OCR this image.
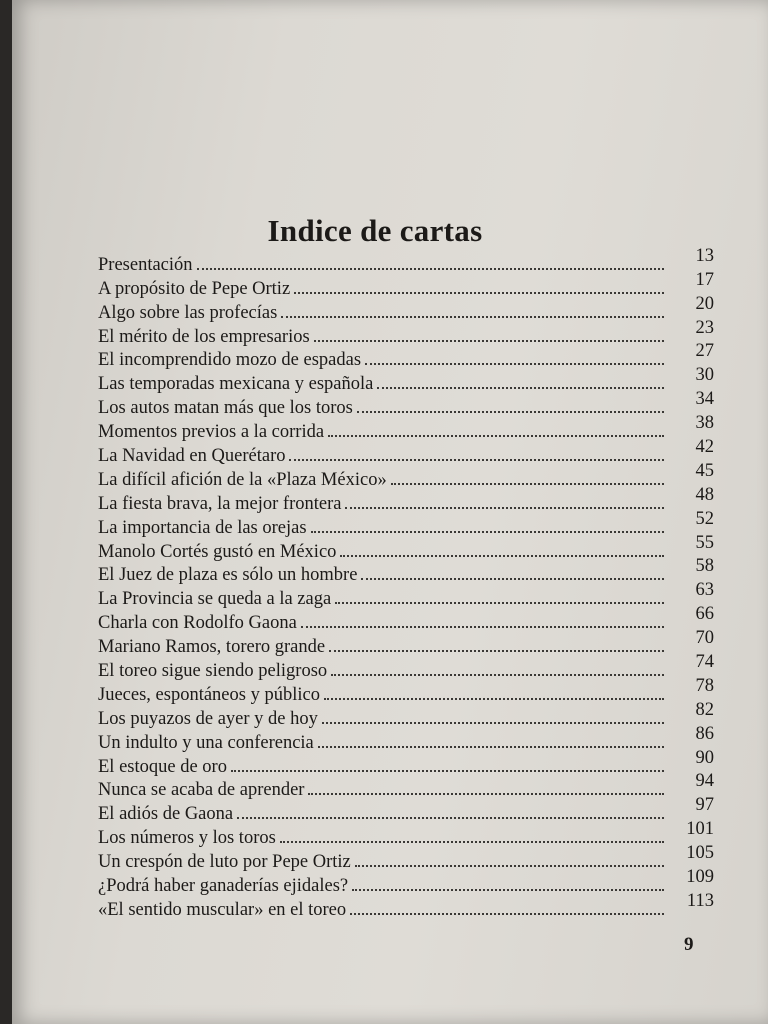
Indice de cartas
Presentación	13
A propósito de Pepe Ortiz	17
Algo sobre las profecías	20
El mérito de los empresarios	23
El incomprendido mozo de espadas	27
Las temporadas mexicana y española	30
Los autos matan más que los toros	34
Momentos previos a la corrida	38
La Navidad en Querétaro	42
La difícil afición de la «Plaza México»	45
La fiesta brava, la mejor frontera	48
La importancia de las orejas	52
Manolo Cortés gustó en México	55
El Juez de plaza es sólo un hombre	58
La Provincia se queda a la zaga	63
Charla con Rodolfo Gaona	66
Mariano Ramos, torero grande	70
El toreo sigue siendo peligroso	74
Jueces, espontáneos y público	78
Los puyazos de ayer y de hoy	82
Un indulto y una conferencia	86
El estoque de oro	90
Nunca se acaba de aprender	94
El adiós de Gaona	97
Los números y los toros	101
Un crespón de luto por Pepe Ortiz	105
¿Podrá haber ganaderías ejidales?	109
«El sentido muscular» en el toreo	113
9
